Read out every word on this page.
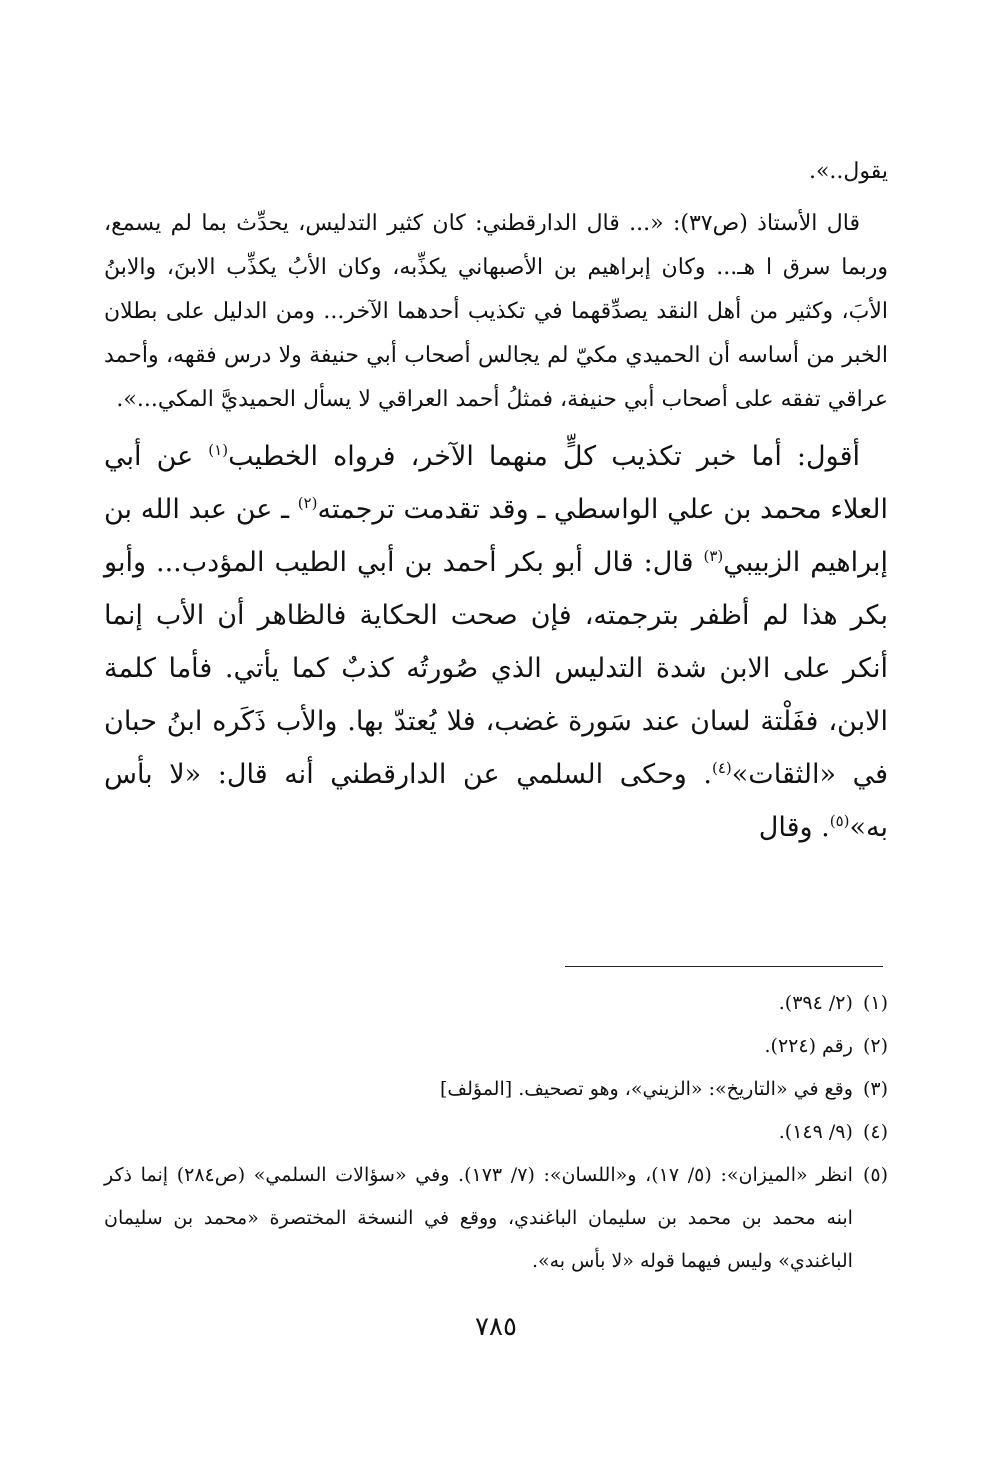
يقول..».

قال الأستاذ (ص٣٧): «... قال الدارقطني: كان كثير التدليس، يحدِّث بما لم يسمع، وربما سرق ا هـ... وكان إبراهيم بن الأصبهاني يكذِّبه، وكان الأبُ يكذِّب الابنَ، والابنُ الأبَ، وكثير من أهل النقد يصدِّقهما في تكذيب أحدهما الآخر... ومن الدليل على بطلان الخبر من أساسه أن الحميدي مكيّ لم يجالس أصحاب أبي حنيفة ولا درس فقهه، وأحمد عراقي تفقه على أصحاب أبي حنيفة، فمثلُ أحمد العراقي لا يسأل الحميديَّ المكي...».

أقول: أما خبر تكذيب كلٍّ منهما الآخر، فرواه الخطيب$^{(١)}$ عن أبي العلاء محمد بن علي الواسطي ـ وقد تقدمت ترجمته$^{(٢)}$ ـ عن عبد الله بن إبراهيم الزبيبي$^{(٣)}$ قال: قال أبو بكر أحمد بن أبي الطيب المؤدب... وأبو بكر هذا لم أظفر بترجمته، فإن صحت الحكاية فالظاهر أن الأب إنما أنكر على الابن شدة التدليس الذي صُورتُه كذبٌ كما يأتي. فأما كلمة الابن، ففَلْتة لسان عند سَورة غضب، فلا يُعتدّ بها. والأب ذَكَره ابنُ حبان في «الثقات»$^{(٤)}$. وحكى السلمي عن الدارقطني أنه قال: «لا بأس به»$^{(٥)}$. وقال

(١)
(٢/ ٣٩٤).

(٢)
رقم (٢٢٤).

(٣)
وقع في «التاريخ»: «الزيني»، وهو تصحيف. [المؤلف]

(٤)
(٩/ ١٤٩).

(٥)
انظر «الميزان»: (٥/ ١٧)، و«اللسان»: (٧/ ١٧٣). وفي «سؤالات السلمي» (ص٢٨٤) إنما ذكر ابنه محمد بن محمد بن سليمان الباغندي، ووقع في النسخة المختصرة «محمد بن سليمان الباغندي» وليس فيهما قوله «لا بأس به».

٧٨٥
